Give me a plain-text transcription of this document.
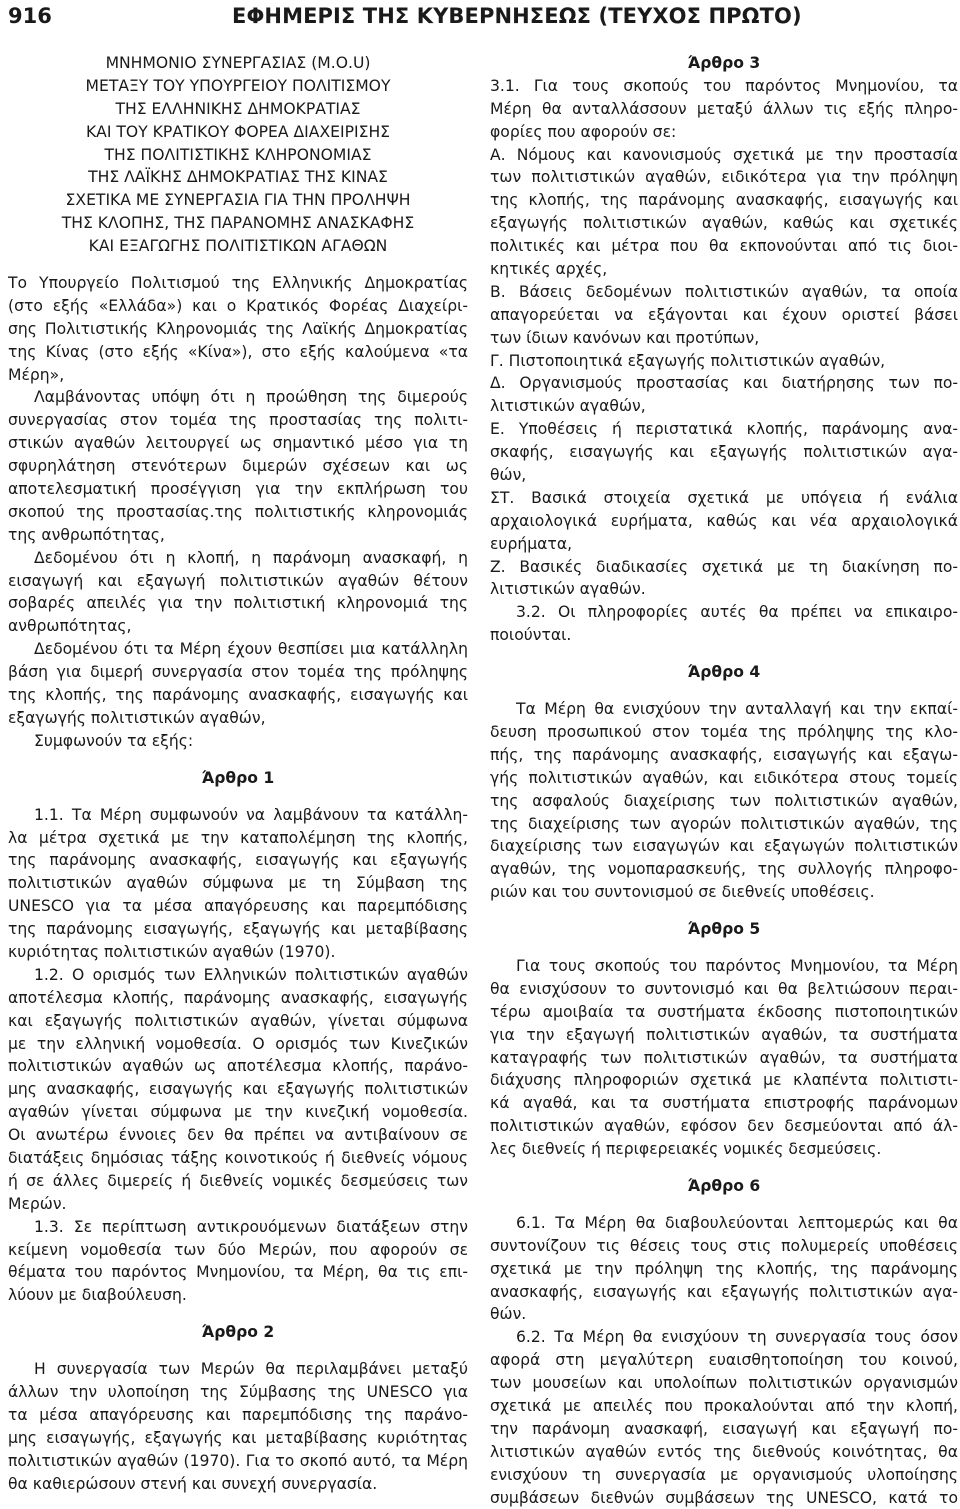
916	ΕΦΗΜΕΡΙΣ ΤΗΣ ΚΥΒΕΡΝΗΣΕΩΣ (ΤΕΥΧΟΣ ΠΡΩΤΟ)
ΜΝΗΜΟΝΙΟ ΣΥΝΕΡΓΑΣΙΑΣ (Μ.Ο.U)
ΜΕΤΑΞΥ ΤΟΥ ΥΠΟΥΡΓΕΙΟΥ ΠΟΛΙΤΙΣΜΟΥ
ΤΗΣ ΕΛΛΗΝΙΚΗΣ ΔΗΜΟΚΡΑΤΙΑΣ
ΚΑΙ ΤΟΥ ΚΡΑΤΙΚΟΥ ΦΟΡΕΑ ΔΙΑΧΕΙΡΙΣΗΣ
ΤΗΣ ΠΟΛΙΤΙΣΤΙΚΗΣ ΚΛΗΡΟΝΟΜΙΑΣ
ΤΗΣ ΛΑΪΚΗΣ ΔΗΜΟΚΡΑΤΙΑΣ ΤΗΣ ΚΙΝΑΣ
ΣΧΕΤΙΚΑ ΜΕ ΣΥΝΕΡΓΑΣΙΑ ΓΙΑ ΤΗΝ ΠΡΟΛΗΨΗ
ΤΗΣ ΚΛΟΠΗΣ, ΤΗΣ ΠΑΡΑΝΟΜΗΣ ΑΝΑΣΚΑΦΗΣ
ΚΑΙ ΕΞΑΓΩΓΗΣ ΠΟΛΙΤΙΣΤΙΚΩΝ ΑΓΑΘΩΝ
Το Υπουργείο Πολιτισμού της Ελληνικής Δημοκρατίας
(στο εξής «Ελλάδα») και ο Κρατικός Φορέας Διαχείρι-
σης Πολιτιστικής Κληρονομιάς της Λαϊκής Δημοκρατίας
της Κίνας (στο εξής «Κίνα»), στο εξής καλούμενα «τα
Μέρη»,
Λαμβάνοντας υπόψη ότι η προώθηση της διμερούς
συνεργασίας στον τομέα της προστασίας της πολιτι-
στικών αγαθών λειτουργεί ως σημαντικό μέσο για τη
σφυρηλάτηση στενότερων διμερών σχέσεων και ως
αποτελεσματική προσέγγιση για την εκπλήρωση του
σκοπού της προστασίας.της πολιτιστικής κληρονομιάς
της ανθρωπότητας,
Δεδομένου ότι η κλοπή, η παράνομη ανασκαφή, η
εισαγωγή και εξαγωγή πολιτιστικών αγαθών θέτουν
σοβαρές απειλές για την πολιτιστική κληρονομιά της
ανθρωπότητας,
Δεδομένου ότι τα Μέρη έχουν θεσπίσει μια κατάλληλη
βάση για διμερή συνεργασία στον τομέα της πρόληψης
της κλοπής, της παράνομης ανασκαφής, εισαγωγής και
εξαγωγής πολιτιστικών αγαθών,
Συμφωνούν τα εξής:
Άρθρο 1
1.1. Τα Μέρη συμφωνούν να λαμβάνουν τα κατάλλη-
λα μέτρα σχετικά με την καταπολέμηση της κλοπής,
της παράνομης ανασκαφής, εισαγωγής και εξαγωγής
πολιτιστικών αγαθών σύμφωνα με τη Σύμβαση της
UNESCO για τα μέσα απαγόρευσης και παρεμπόδισης
της παράνομης εισαγωγής, εξαγωγής και μεταβίβασης
κυριότητας πολιτιστικών αγαθών (1970).
1.2. Ο ορισμός των Ελληνικών πολιτιστικών αγαθών
αποτέλεσμα κλοπής, παράνομης ανασκαφής, εισαγωγής
και εξαγωγής πολιτιστικών αγαθών, γίνεται σύμφωνα
με την ελληνική νομοθεσία. Ο ορισμός των Κινεζικών
πολιτιστικών αγαθών ως αποτέλεσμα κλοπής, παράνο-
μης ανασκαφής, εισαγωγής και εξαγωγής πολιτιστικών
αγαθών γίνεται σύμφωνα με την κινεζική νομοθεσία.
Οι ανωτέρω έννοιες δεν θα πρέπει να αντιβαίνουν σε
διατάξεις δημόσιας τάξης κοινοτικούς ή διεθνείς νόμους
ή σε άλλες διμερείς ή διεθνείς νομικές δεσμεύσεις των
Μερών.
1.3. Σε περίπτωση αντικρουόμενων διατάξεων στην
κείμενη νομοθεσία των δύο Μερών, που αφορούν σε
θέματα του παρόντος Μνημονίου, τα Μέρη, θα τις επι-
λύουν με διαβούλευση.
Άρθρο 2
Η συνεργασία των Μερών θα περιλαμβάνει μεταξύ
άλλων την υλοποίηση της Σύμβασης της UNESCO για
τα μέσα απαγόρευσης και παρεμπόδισης της παράνο-
μης εισαγωγής, εξαγωγής και μεταβίβασης κυριότητας
πολιτιστικών αγαθών (1970). Για το σκοπό αυτό, τα Μέρη
θα καθιερώσουν στενή και συνεχή συνεργασία.
Άρθρο 3
3.1. Για τους σκοπούς του παρόντος Μνημονίου, τα
Μέρη θα ανταλλάσσουν μεταξύ άλλων τις εξής πληρο-
φορίες που αφορούν σε:
Α. Νόμους και κανονισμούς σχετικά με την προστασία
των πολιτιστικών αγαθών, ειδικότερα για την πρόληψη
της κλοπής, της παράνομης ανασκαφής, εισαγωγής και
εξαγωγής πολιτιστικών αγαθών, καθώς και σχετικές
πολιτικές και μέτρα που θα εκπονούνται από τις διοι-
κητικές αρχές,
Β. Βάσεις δεδομένων πολιτιστικών αγαθών, τα οποία
απαγορεύεται να εξάγονται και έχουν οριστεί βάσει
των ίδιων κανόνων και προτύπων,
Γ. Πιστοποιητικά εξαγωγής πολιτιστικών αγαθών,
Δ. Οργανισμούς προστασίας και διατήρησης των πο-
λιτιστικών αγαθών,
Ε. Υποθέσεις ή περιστατικά κλοπής, παράνομης ανα-
σκαφής, εισαγωγής και εξαγωγής πολιτιστικών αγα-
θών,
ΣΤ. Βασικά στοιχεία σχετικά με υπόγεια ή ενάλια
αρχαιολογικά ευρήματα, καθώς και νέα αρχαιολογικά
ευρήματα,
Ζ. Βασικές διαδικασίες σχετικά με τη διακίνηση πο-
λιτιστικών αγαθών.
3.2. Οι πληροφορίες αυτές θα πρέπει να επικαιρο-
ποιούνται.
Άρθρο 4
Τα Μέρη θα ενισχύουν την ανταλλαγή και την εκπαί-
δευση προσωπικού στον τομέα της πρόληψης της κλο-
πής, της παράνομης ανασκαφής, εισαγωγής και εξαγω-
γής πολιτιστικών αγαθών, και ειδικότερα στους τομείς
της ασφαλούς διαχείρισης των πολιτιστικών αγαθών,
της διαχείρισης των αγορών πολιτιστικών αγαθών, της
διαχείρισης των εισαγωγών και εξαγωγών πολιτιστικών
αγαθών, της νομοπαρασκευής, της συλλογής πληροφο-
ριών και του συντονισμού σε διεθνείς υποθέσεις.
Άρθρο 5
Για τους σκοπούς του παρόντος Μνημονίου, τα Μέρη
θα ενισχύσουν το συντονισμό και θα βελτιώσουν περαι-
τέρω αμοιβαία τα συστήματα έκδοσης πιστοποιητικών
για την εξαγωγή πολιτιστικών αγαθών, τα συστήματα
καταγραφής των πολιτιστικών αγαθών, τα συστήματα
διάχυσης πληροφοριών σχετικά με κλαπέντα πολιτιστι-
κά αγαθά, και τα συστήματα επιστροφής παράνομων
πολιτιστικών αγαθών, εφόσον δεν δεσμεύονται από άλ-
λες διεθνείς ή περιφερειακές νομικές δεσμεύσεις.
Άρθρο 6
6.1. Τα Μέρη θα διαβουλεύονται λεπτομερώς και θα
συντονίζουν τις θέσεις τους στις πολυμερείς υποθέσεις
σχετικά με την πρόληψη της κλοπής, της παράνομης
ανασκαφής, εισαγωγής και εξαγωγής πολιτιστικών αγα-
θών.
6.2. Τα Μέρη θα ενισχύουν τη συνεργασία τους όσον
αφορά στη μεγαλύτερη ευαισθητοποίηση του κοινού,
των μουσείων και υπολοίπων πολιτιστικών οργανισμών
σχετικά με απειλές που προκαλούνται από την κλοπή,
την παράνομη ανασκαφή, εισαγωγή και εξαγωγή πο-
λιτιστικών αγαθών εντός της διεθνούς κοινότητας, θα
ενισχύουν τη συνεργασία με οργανισμούς υλοποίησης
συμβάσεων διεθνών συμβάσεων της UNESCO, κατά το
